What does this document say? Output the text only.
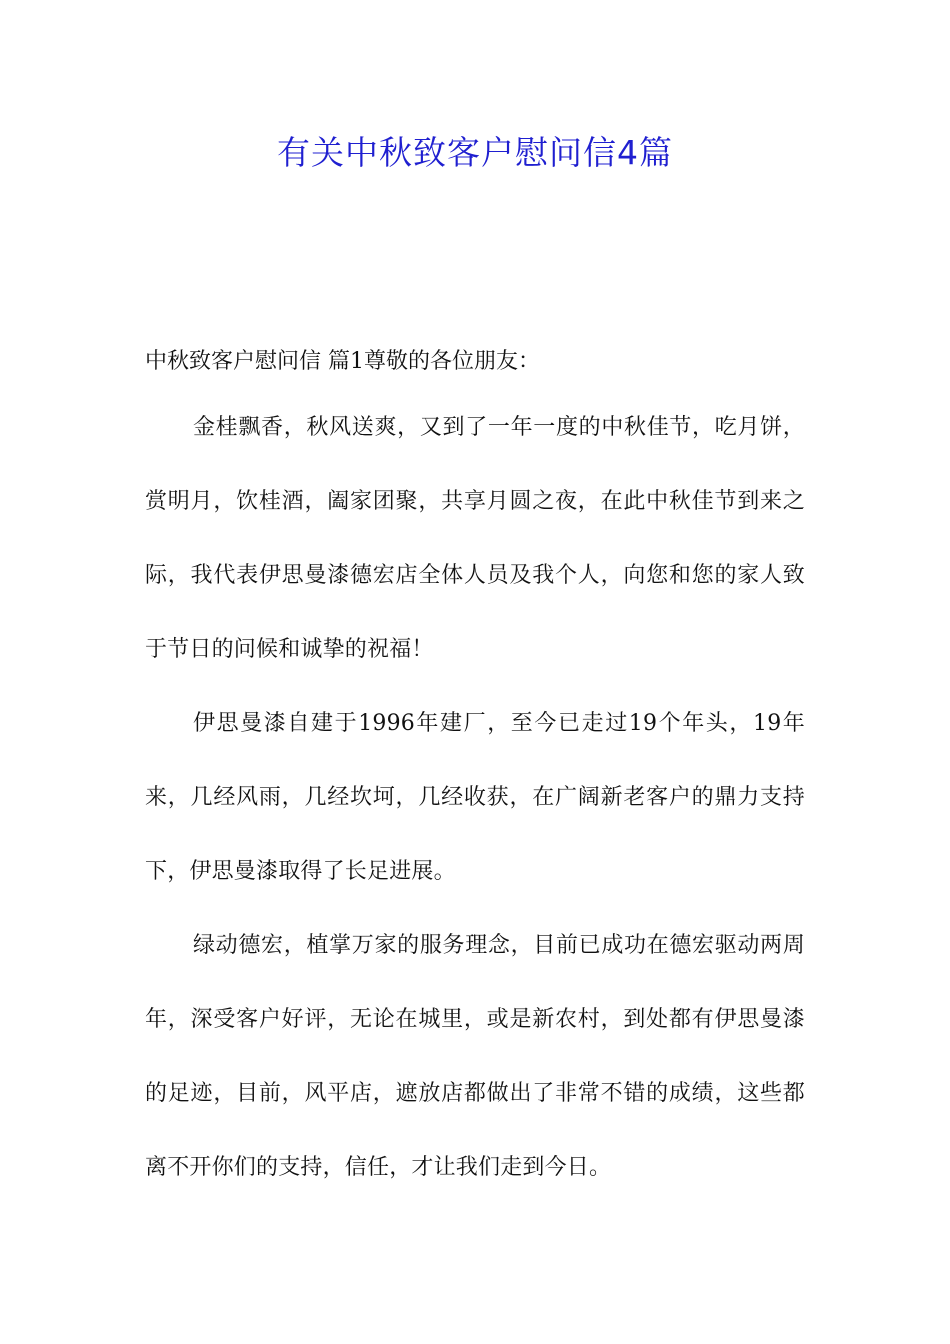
有关中秋致客户慰问信4篇

中秋致客户慰问信 篇1尊敬的各位朋友：

金桂飘香，秋风送爽，又到了一年一度的中秋佳节，吃月饼，赏明月，饮桂酒，阖家团聚，共享月圆之夜，在此中秋佳节到来之际，我代表伊思曼漆德宏店全体人员及我个人，向您和您的家人致于节日的问候和诚挚的祝福！

伊思曼漆自建于1996年建厂，至今已走过19个年头，19年来，几经风雨，几经坎坷，几经收获，在广阔新老客户的鼎力支持下，伊思曼漆取得了长足进展。

绿动德宏，植掌万家的服务理念，目前已成功在德宏驱动两周年，深受客户好评，无论在城里，或是新农村，到处都有伊思曼漆的足迹，目前，风平店，遮放店都做出了非常不错的成绩，这些都离不开你们的支持，信任，才让我们走到今日。
